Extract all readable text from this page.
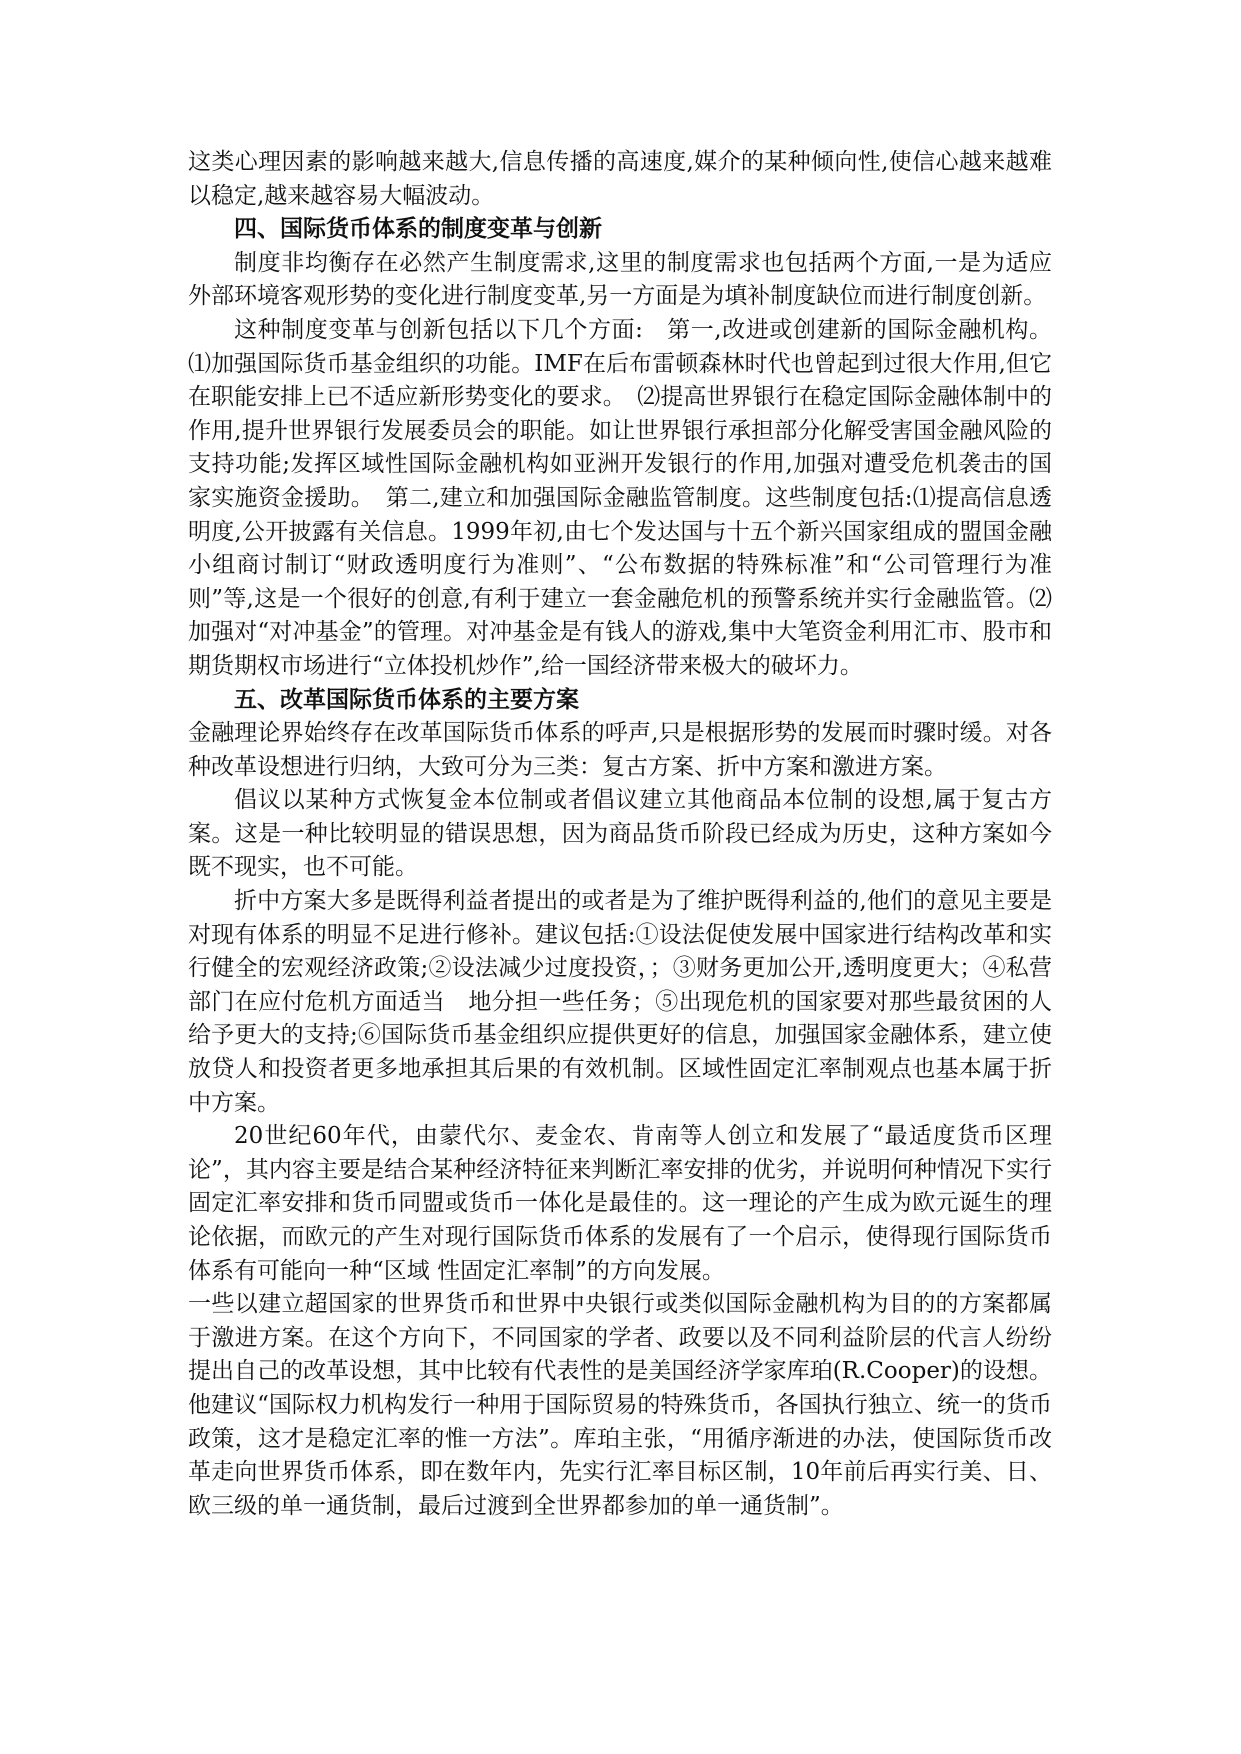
这类心理因素的影响越来越大,信息传播的高速度,媒介的某种倾向性,使信心越来越难以稳定,越来越容易大幅波动。

四、国际货币体系的制度变革与创新

制度非均衡存在必然产生制度需求,这里的制度需求也包括两个方面,一是为适应外部环境客观形势的变化进行制度变革,另一方面是为填补制度缺位而进行制度创新。

这种制度变革与创新包括以下几个方面:　第一,改进或创建新的国际金融机构。⑴加强国际货币基金组织的功能。IMF在后布雷顿森林时代也曾起到过很大作用,但它在职能安排上已不适应新形势变化的要求。　⑵提高世界银行在稳定国际金融体制中的作用,提升世界银行发展委员会的职能。如让世界银行承担部分化解受害国金融风险的支持功能;发挥区域性国际金融机构如亚洲开发银行的作用,加强对遭受危机袭击的国家实施资金援助。　第二,建立和加强国际金融监管制度。这些制度包括:⑴提高信息透明度,公开披露有关信息。1999年初,由七个发达国与十五个新兴国家组成的盟国金融小组商讨制订“财政透明度行为准则”、“公布数据的特殊标准”和“公司管理行为准则”等,这是一个很好的创意,有利于建立一套金融危机的预警系统并实行金融监管。⑵加强对“对冲基金”的管理。对冲基金是有钱人的游戏,集中大笔资金利用汇市、股市和期货期权市场进行“立体投机炒作”,给一国经济带来极大的破坏力。

五、改革国际货币体系的主要方案

金融理论界始终存在改革国际货币体系的呼声,只是根据形势的发展而时骤时缓。对各种改革设想进行归纳，大致可分为三类：复古方案、折中方案和激进方案。

倡议以某种方式恢复金本位制或者倡议建立其他商品本位制的设想,属于复古方案。这是一种比较明显的错误思想，因为商品货币阶段已经成为历史，这种方案如今既不现实，也不可能。

折中方案大多是既得利益者提出的或者是为了维护既得利益的,他们的意见主要是对现有体系的明显不足进行修补。建议包括:①设法促使发展中国家进行结构改革和实行健全的宏观经济政策;②设法减少过度投资，；③财务更加公开,透明度更大；④私营部门在应付危机方面适当　地分担一些任务；⑤出现危机的国家要对那些最贫困的人给予更大的支持;⑥国际货币基金组织应提供更好的信息，加强国家金融体系，建立使放贷人和投资者更多地承担其后果的有效机制。区域性固定汇率制观点也基本属于折中方案。

20世纪60年代，由蒙代尔、麦金农、肯南等人创立和发展了“最适度货币区理论”，其内容主要是结合某种经济特征来判断汇率安排的优劣，并说明何种情况下实行固定汇率安排和货币同盟或货币一体化是最佳的。这一理论的产生成为欧元诞生的理论依据，而欧元的产生对现行国际货币体系的发展有了一个启示，使得现行国际货币体系有可能向一种“区域 性固定汇率制”的方向发展。

一些以建立超国家的世界货币和世界中央银行或类似国际金融机构为目的的方案都属于激进方案。在这个方向下，不同国家的学者、政要以及不同利益阶层的代言人纷纷提出自己的改革设想，其中比较有代表性的是美国经济学家库珀(R.Cooper)的设想。他建议“国际权力机构发行一种用于国际贸易的特殊货币，各国执行独立、统一的货币政策，这才是稳定汇率的惟一方法”。库珀主张，“用循序渐进的办法，使国际货币改革走向世界货币体系，即在数年内，先实行汇率目标区制，10年前后再实行美、日、欧三级的单一通货制，最后过渡到全世界都参加的单一通货制”。
